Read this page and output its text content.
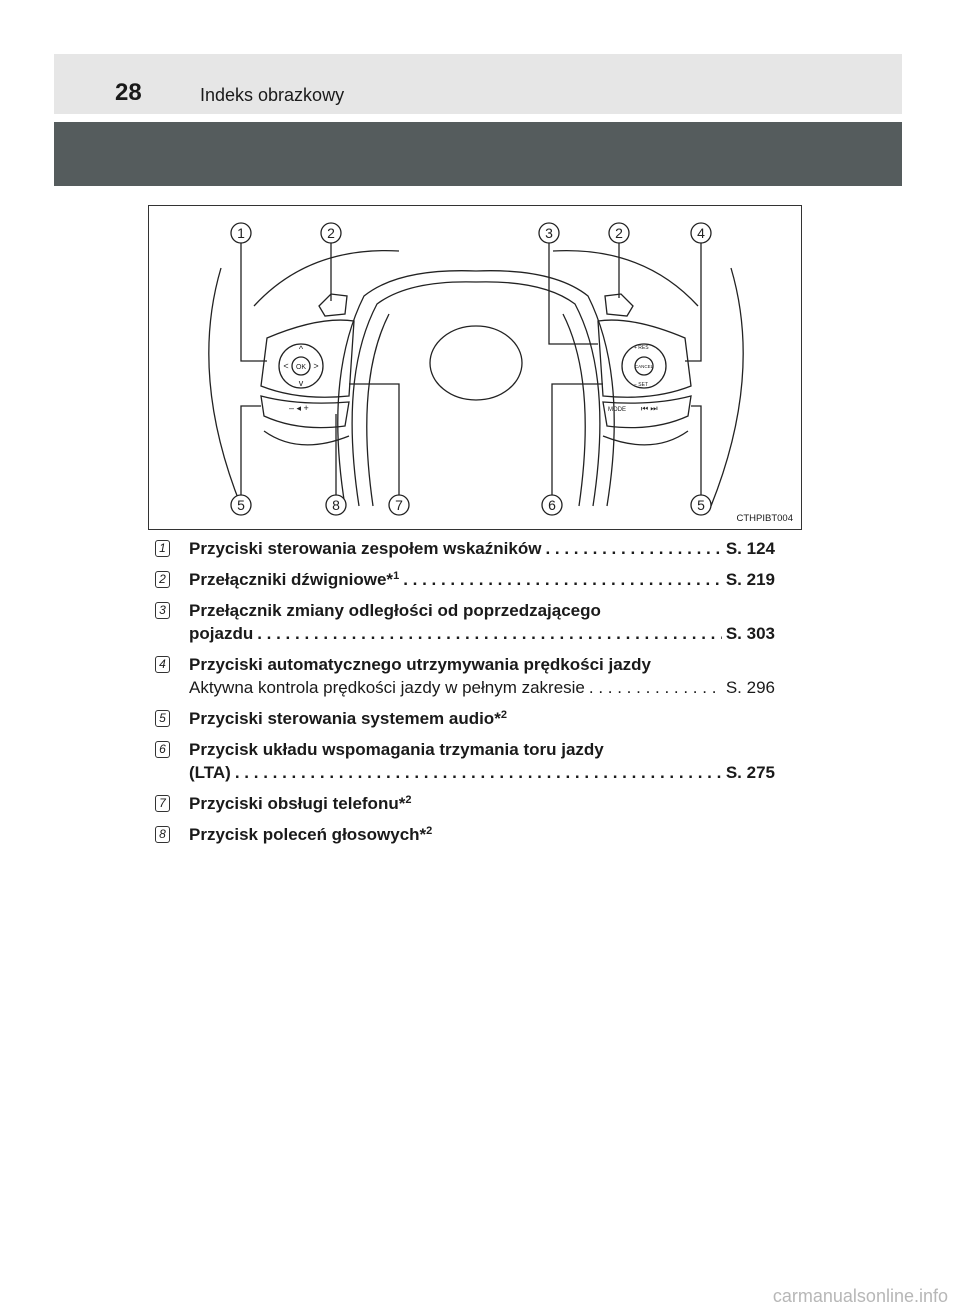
28	Indeks obrazkowy
OK
^
v
<	>
– ◂ +
CANCEL
+ RES
− SET
MODE ⏮ ⏭
1	2	3	2	4
5	8	7	6	5
CTHPIBT004
1 Przyciski sterowania zespołem wskaźników . . .	S. 124
2 Przełączniki dźwigniowe*$^1$ . . .	S. 219
3 Przełącznik zmiany odległości od poprzedzającego
pojazdu . . .	S. 303
4 Przyciski automatycznego utrzymywania prędkości jazdy
Aktywna kontrola prędkości jazdy w pełnym zakresie . . .	S. 296
5 Przyciski sterowania systemem audio*$^2$
6 Przycisk układu wspomagania trzymania toru jazdy
(LTA) . . .	S. 275
7 Przyciski obsługi telefonu*$^2$
8 Przycisk poleceń głosowych*$^2$
carmanualsonline.info
